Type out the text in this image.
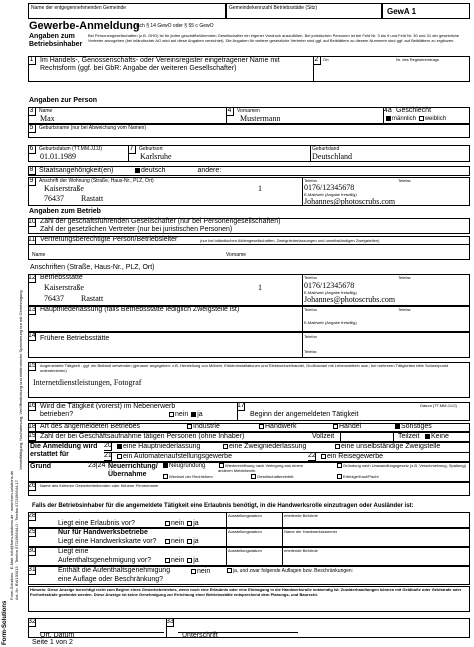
Vervielfältigung, Nachahmung, Veröffentlichung und elektronische Speicherung nur mit Genehmigung
Form-Solutions · E-Mail: info@form-solutions.de · www.form-solutions.de Art.-Nr. BW130013 · Telefon 0721/96644-0 · Telefax 0721/96644-17
Form-Solutions
Name der entgegennehmenden Gemeinde	Gemeindekennzahl Betriebsstätte (Sitz)	GewA 1
Gewerbe-Anmeldung
nach § 14 GewO oder § 55 c GewO
Angaben zum Betriebsinhaber
Bei Personengesellschaften (z.B. OHG) ist für jeden geschäftsführenden Gesellschafter ein eigener Vordruck auszufüllen. Bei juristischen Personen ist bei Feld Nr. 3 bis 9 und Feld Nr. 30 und 31 der gesetzliche Vertreter anzugeben (bei inländischer AG wird auf diese Angaben verzichtet). Die Angaben für weitere gesetzliche Vertreter sind ggf. auf Beiblättern zu diesem Nummern sind ggf. auf Beiblättern zu ergänzen.
1 Im Handels-, Genossenschafts- oder Vereinsregister eingetragener Name mit Rechtsform (ggf. bei GbR: Angabe der weiteren Gesellschafter)
2	Ort	Nr. des Registereintrags
Angaben zur Person
3	Name
Max
4	Vornamen
Mustermann
4a Geschlecht
männlich weiblich
5	Geburtsname (nur bei Abweichung vom Namen)
6	Geburtsdatum (TT.MM.JJJJ)
01.01.1989
7	Geburtsort
Karlsruhe
Geburtsland
Deutschland
8 Staatsangehörigkeit(en)	deutsch	andere:
9	Anschrift der Wohnung (Straße, Haus-Nr., PLZ, Ort)
Kaiserstraße	1
76437 Rastatt
Telefon	Telefax
0176/12345678
E-Mail/web (Angabe freiwillig)
Johannes@photoscrubs.com
Angaben zum Betrieb
10 Zahl der geschäftsführenden Gesellschafter (nur bei Personengesellschaften)
Zahl der gesetzlichen Vertreter (nur bei juristischen Personen)
11 Vertretungsberechtigte Person/Betriebsleiter	(nur bei inländischen Aktiengesellschaften, Zweigniederlassungen und unselbständigen Zweigstellen)
Name	Vorname
Anschriften (Straße, Haus-Nr., PLZ, Ort)
12 Betriebsstätte
Kaiserstraße	1
76437 Rastatt
Telefon	Telefax
0176/12345678
E-Mail/web (Angabe freiwillig)
Johannes@photoscrubs.com
13 Hauptniederlassung (falls Betriebsstätte lediglich Zweigstelle ist)	Telefon	Telefax
E-Mail/web (Angabe freiwillig)
14 Frühere Betriebsstätte	Telefon
Telefax
15 Angemeldete Tätigkeit - ggf. ein Beiblatt verwenden (genauer angegeben: z.B. Herstellung von Möbeln, Elektroinstallationen und Elektroeinzelhandel, Großhandel mit Lebensmitteln usw.; bei mehreren Tätigkeiten bitte Schwerpunkt unterstreichen)
Internetdienstleistungen, Fotograf
16 Wird die Tätigkeit (vorerst) im Nebenerwerb betrieben?	nein ja
17
Beginn der angemeldeten Tätigkeit
Datum (TT.MM.JJJJ)
18 Art des angemeldeten Betriebes	Industrie	Handwerk	Handel	Sonstiges
19 Zahl der bei Geschäftsaufnahme tätigen Personen (ohne Inhaber)	Vollzeit	Teilzeit	Keine
Die Anmeldung wird erstattet für
20	eine Hauptniederlassung	eine Zweigniederlassung	eine unselbständige Zweigstelle
21	ein Automatenaufstellungsgewerbe	22	ein Reisegewerbe
Grund	23|24 Neuerrichtung/ Übernahme
Neugründung	Wiedereröffnung nach Verlegung aus einem anderen Meldebezirk
Gründung nach Umwandlungsgesetz (z.B. Verschmelzung, Spaltung)
Wechsel der Rechtsform	Gesellschaftereintritt	Erbfolge/Kauf/Pacht
26 Name des früheren Gewerbetreibenden oder früherer Firmenname
Falls der Betriebsinhaber für die angemeldete Tätigkeit eine Erlaubnis benötigt, in die Handwerksrolle einzutragen oder Ausländer ist:
28
Liegt eine Erlaubnis vor?	nein ja
Ausstellungsdatum	erteilende Behörde
29	Nur für Handwerksbetriebe
Liegt eine Handwerkskarte vor?	nein ja
Ausstellungsdatum	Name der Handwerkskammer
30	Liegt eine
Aufenthaltsgenehmigung vor?	nein ja
Ausstellungsdatum	erteilende Behörde
31	Enthält die Aufenthaltsgenehmigung
eine Auflage oder Beschränkung?
nein	ja, und zwar folgende Auflagen bzw. Beschränkungen:
Hinweis: Diese Anzeige berechtigt nicht zum Beginn eines Gewerbebetriebes, wenn noch eine Erlaubnis oder eine Eintragung in die Handwerksrolle notwendig ist. Zuwiderhandlungen können mit Geldbuße oder Geldstrafe oder Freiheitsstrafe geahndet werden. Diese Anzeige ist keine Genehmigung zur Errichtung einer Betriebsstätte entsprechend dem Planungs- und Baurecht.
32
Ort, Datum
33
Unterschrift
Seite 1 von 2
